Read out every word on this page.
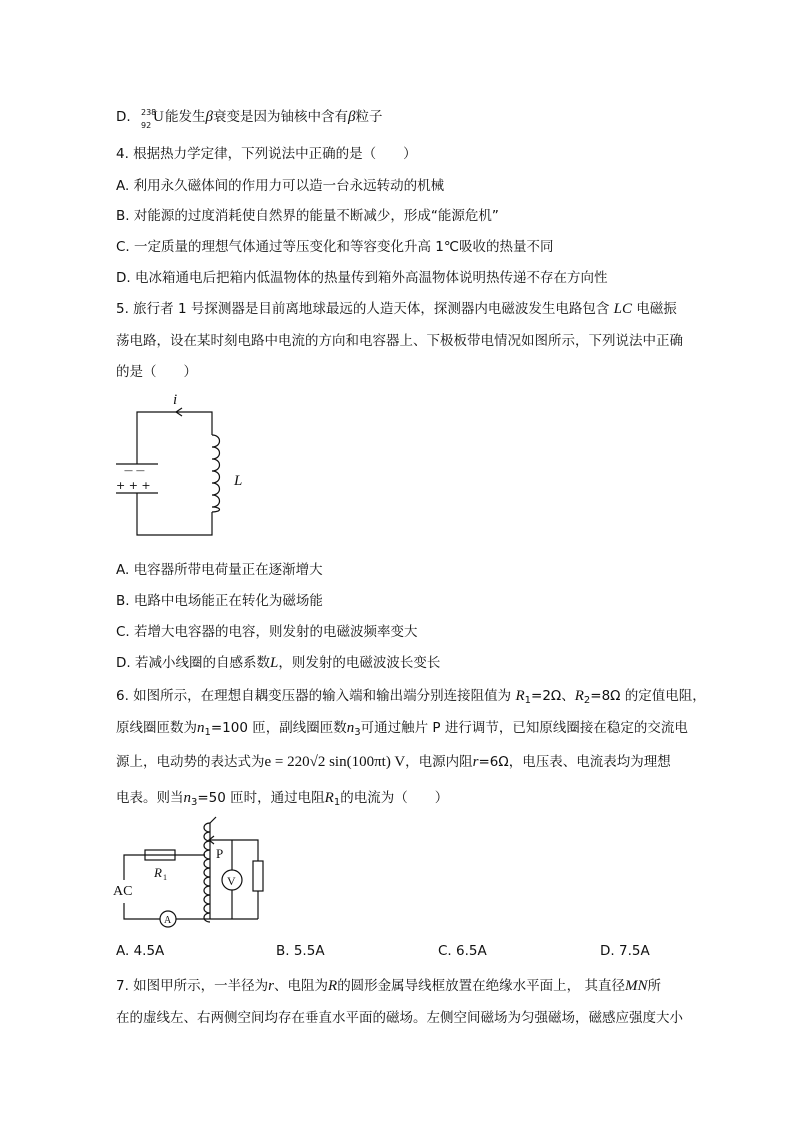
D. 238
92
U 能发生β衰变是因为铀核中含有β粒子
4. 根据热力学定律，下列说法中正确的是（　　）
A. 利用永久磁体间的作用力可以造一台永远转动的机械
B. 对能源的过度消耗使自然界的能量不断减少，形成“能源危机”
C. 一定质量的理想气体通过等压变化和等容变化升高 1℃吸收的热量不同
D. 电冰箱通电后把箱内低温物体的热量传到箱外高温物体说明热传递不存在方向性
5. 旅行者 1 号探测器是目前离地球最远的人造天体，探测器内电磁波发生电路包含 LC 电磁振
荡电路，设在某时刻电路中电流的方向和电容器上、下极板带电情况如图所示，下列说法中正确
的是（　　）
i
L
— —
+ + +
A. 电容器所带电荷量正在逐渐增大
B. 电路中电场能正在转化为磁场能
C. 若增大电容器的电容，则发射的电磁波频率变大
D. 若减小线圈的自感系数L，则发射的电磁波波长变长
6. 如图所示，在理想自耦变压器的输入端和输出端分别连接阻值为 $R_1=2\Omega$、$R_2=8\Omega$ 的定值电阻，
原线圈匝数为$n_1=100$ 匝，副线圈匝数$n_3$可通过触片 P 进行调节，已知原线圈接在稳定的交流电
源上，电动势的表达式为e = 220√2 sin(100πt) V，电源内阻r=6Ω，电压表、电流表均为理想
电表。则当$n_3=50$ 匝时，通过电阻$R_1$的电流为（　　）
AC
R 1
P
V
A
A. 4.5A	B. 5.5A	C. 6.5A	D. 7.5A
7. 如图甲所示，一半径为r、电阻为R的圆形金属导线框放置在绝缘水平面上， 其直径MN所
在的虚线左、右两侧空间均存在垂直水平面的磁场。左侧空间磁场为匀强磁场，磁感应强度大小
